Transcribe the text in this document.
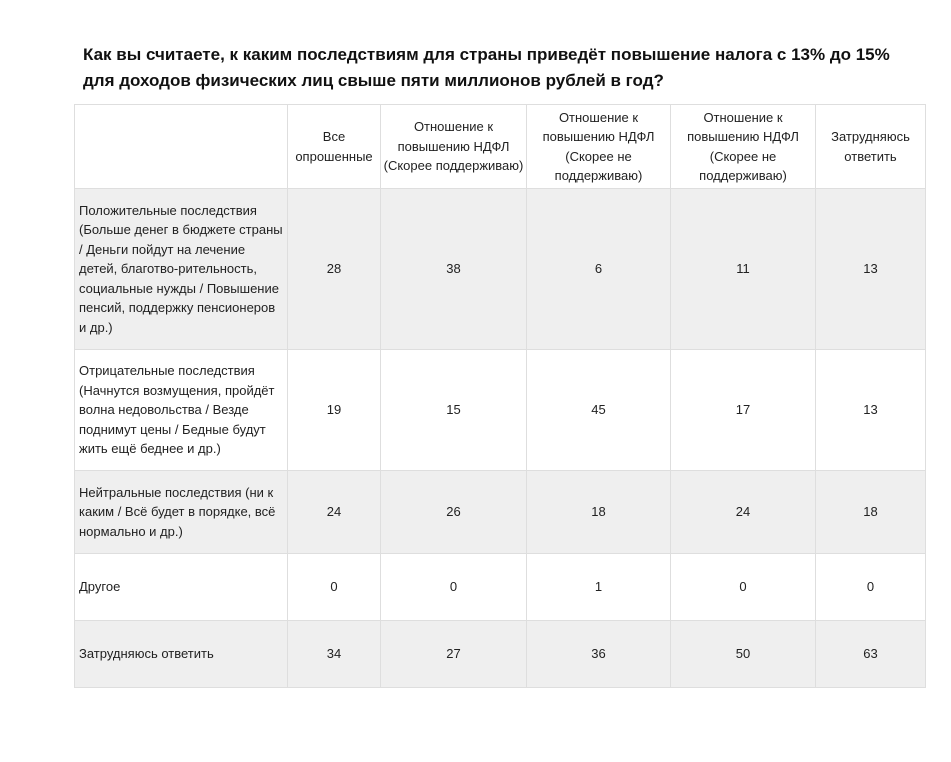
Как вы считаете, к каким последствиям для страны приведёт повышение налога с 13% до 15% для доходов физических лиц свыше пяти миллионов рублей в год?
	Все опрошенные	Отношение к повышению НДФЛ (Скорее поддерживаю)	Отношение к повышению НДФЛ (Скорее не поддерживаю)	Отношение к повышению НДФЛ (Скорее не поддерживаю)	Затрудняюсь ответить
Положительные последствия (Больше денег в бюджете страны / Деньги пойдут на лечение детей, благотво-рительность, социальные нужды / Повышение пенсий, поддержку пенсионеров и др.)	28	38	6	11	13
Отрицательные последствия (Начнутся возмущения, пройдёт волна недовольства / Везде поднимут цены / Бедные будут жить ещё беднее и др.)	19	15	45	17	13
Нейтральные последствия (ни к каким / Всё будет в порядке, всё нормально и др.)	24	26	18	24	18
Другое	0	0	1	0	0
Затрудняюсь ответить	34	27	36	50	63
